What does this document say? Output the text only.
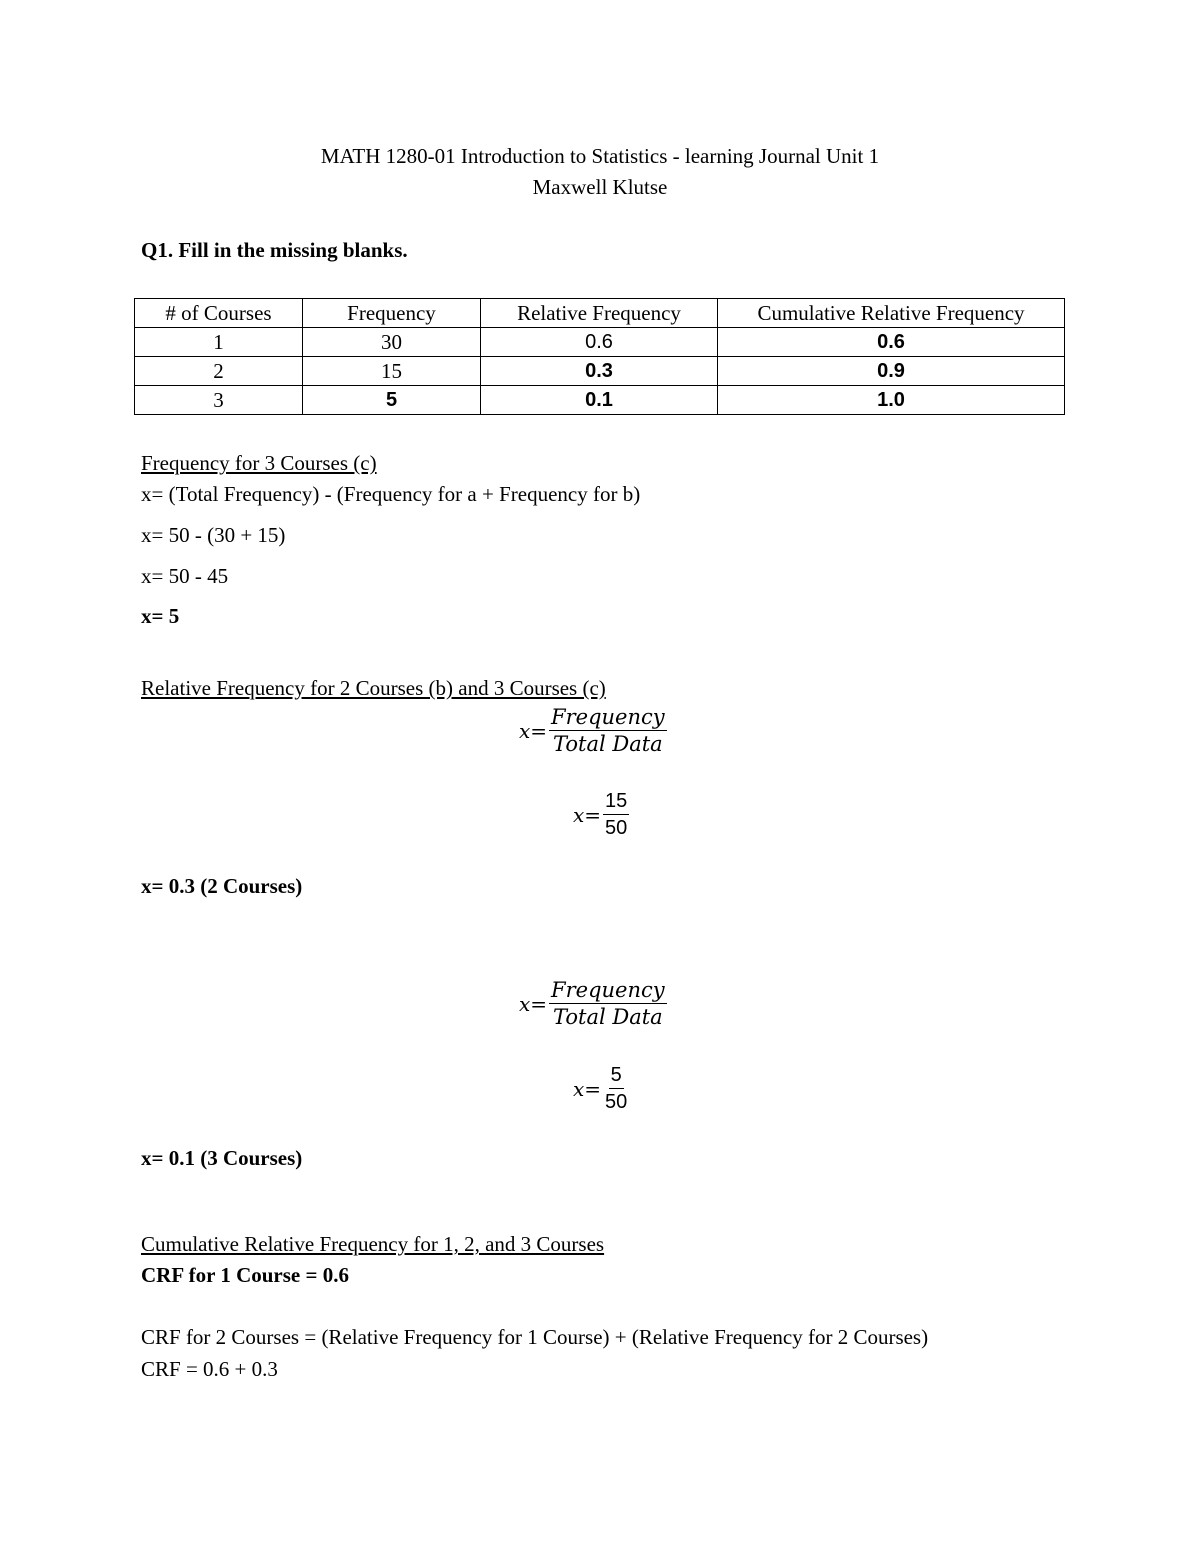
MATH 1280-01 Introduction to Statistics - learning Journal Unit 1
Maxwell Klutse
Q1. Fill in the missing blanks.
# of Courses	Frequency	Relative Frequency	Cumulative Relative Frequency
1	30	0.6	0.6
2	15	0.3	0.9
3	5	0.1	1.0
Frequency for 3 Courses (c)
x= (Total Frequency) - (Frequency for a + Frequency for b)
x= 50 - (30 + 15)
x= 50 - 45
x= 5
Relative Frequency for 2 Courses (b) and 3 Courses (c)
$x= \frac{\text{Frequency}}{\text{Total Data}}$
$x= \frac{15}{50}$
x= 0.3 (2 Courses)
$x= \frac{\text{Frequency}}{\text{Total Data}}$
$x= \frac{5}{50}$
x= 0.1 (3 Courses)
Cumulative Relative Frequency for 1, 2, and 3 Courses
CRF for 1 Course = 0.6
CRF for 2 Courses = (Relative Frequency for 1 Course) + (Relative Frequency for 2 Courses)
CRF = 0.6 + 0.3
